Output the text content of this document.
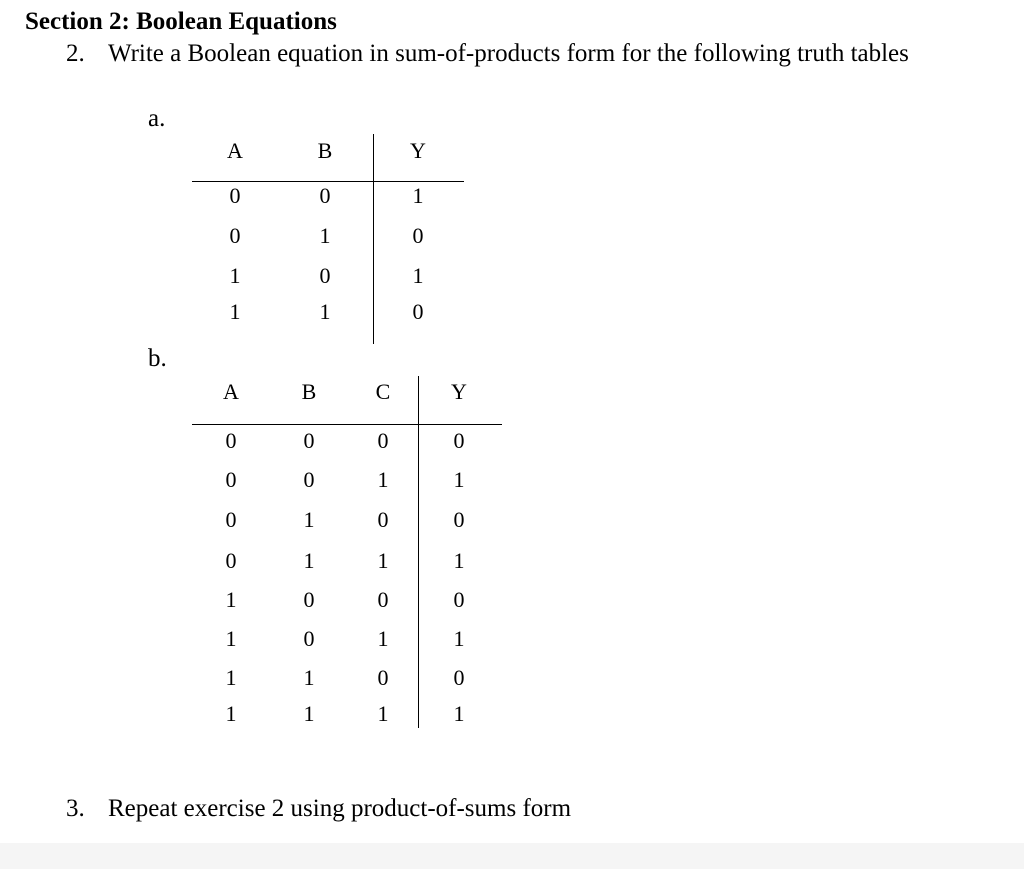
Section 2: Boolean Equations
2. Write a Boolean equation in sum-of-products form for the following truth tables
a.
A	B	Y
0	0	1
0	1	0
1	0	1
1	1	0
b.
A	B	C	Y
0	0	0	0
0	0	1	1
0	1	0	0
0	1	1	1
1	0	0	0
1	0	1	1
1	1	0	0
1	1	1	1
3. Repeat exercise 2 using product-of-sums form
